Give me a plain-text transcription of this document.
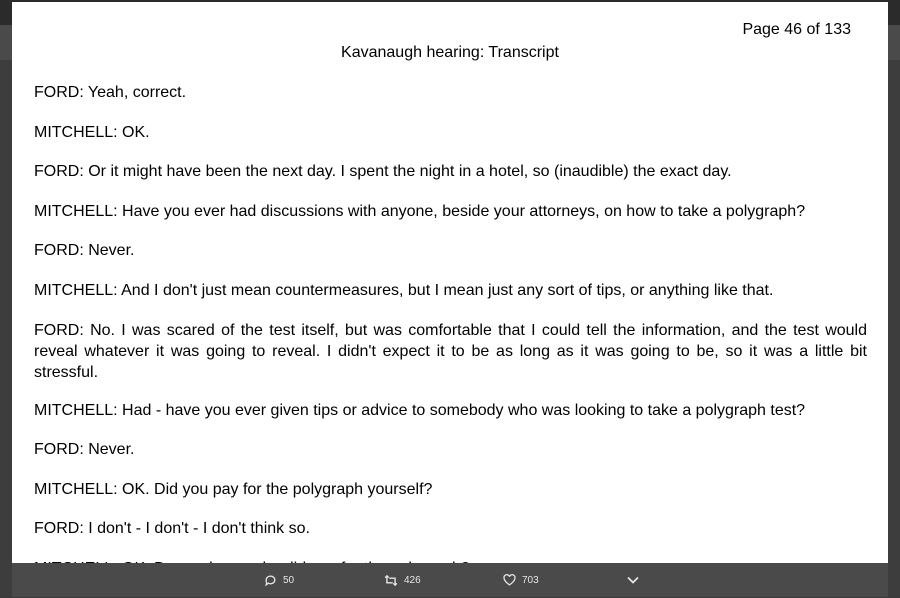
Page 46 of 133
Kavanaugh hearing: Transcript

FORD: Yeah, correct.

MITCHELL: OK.

FORD: Or it might have been the next day. I spent the night in a hotel, so (inaudible) the exact day.

MITCHELL: Have you ever had discussions with anyone, beside your attorneys, on how to take a polygraph?

FORD: Never.

MITCHELL: And I don't just mean countermeasures, but I mean just any sort of tips, or anything like that.

FORD: No. I was scared of the test itself, but was comfortable that I could tell the information, and the test would reveal whatever it was going to reveal. I didn't expect it to be as long as it was going to be, so it was a little bit stressful.

MITCHELL: Had - have you ever given tips or advice to somebody who was looking to take a polygraph test?

FORD: Never.

MITCHELL: OK. Did you pay for the polygraph yourself?

FORD: I don't - I don't - I don't think so.

50	426	703
